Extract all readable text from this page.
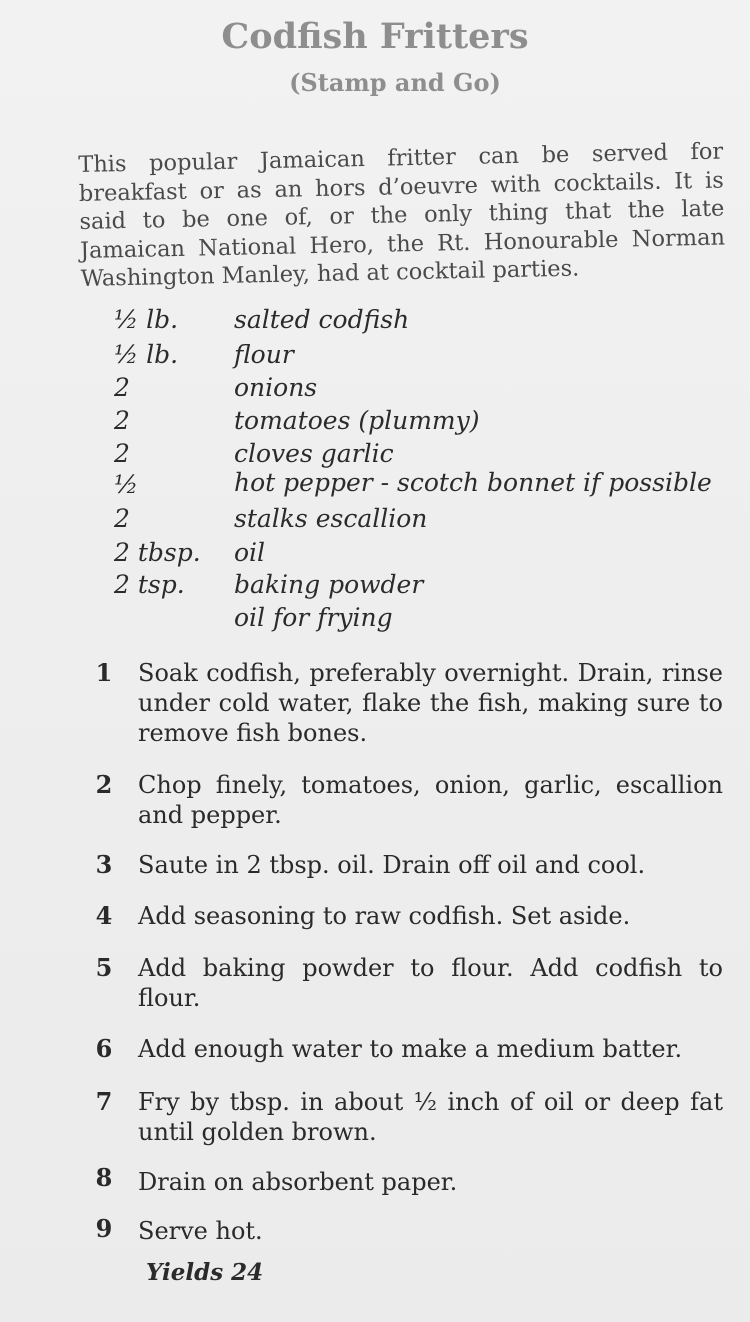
Codfish Fritters
(Stamp and Go)

This popular Jamaican fritter can be served for breakfast or as an hors d’oeuvre with cocktails. It is said to be one of, or the only thing that the late Jamaican National Hero, the Rt. Honourable Norman Washington Manley, had at cocktail parties.

½ lb. salted codfish
½ lb. flour
2	onions
2	tomatoes (plummy)
2	cloves garlic
½	hot pepper - scotch bonnet if possible
2	stalks escallion
2 tbsp. oil
2 tsp. baking powder
oil for frying
1 Soak codfish, preferably overnight. Drain, rinse under cold water, flake the fish, making sure to remove fish bones.
2 Chop finely, tomatoes, onion, garlic, escallion and pepper.
3 Saute in 2 tbsp. oil. Drain off oil and cool.
4 Add seasoning to raw codfish. Set aside.
5 Add baking powder to flour. Add codfish to flour.
6 Add enough water to make a medium batter.
7 Fry by tbsp. in about ½ inch of oil or deep fat until golden brown.
8 Drain on absorbent paper.
9 Serve hot.
Yields 24
